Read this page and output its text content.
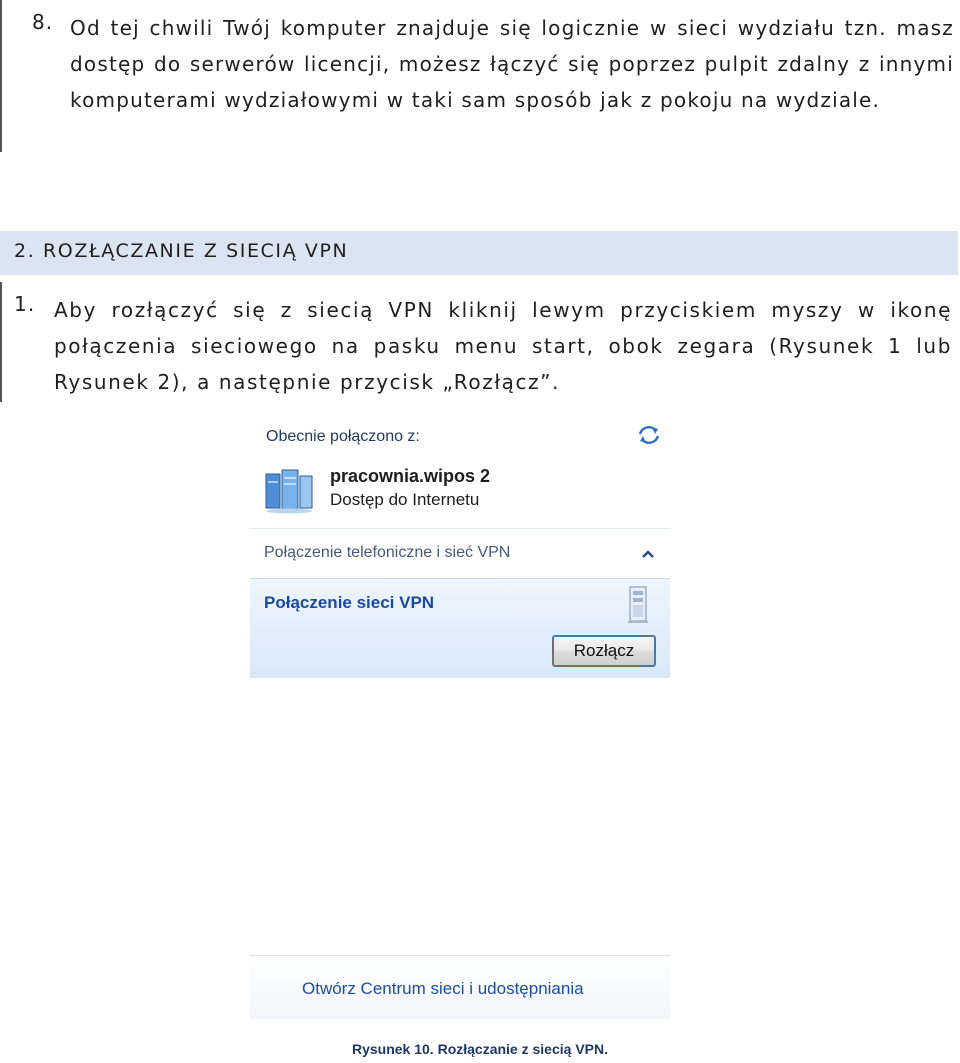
8. Od tej chwili Twój komputer znajduje się logicznie w sieci wydziału tzn. masz dostęp do serwerów licencji, możesz łączyć się poprzez pulpit zdalny z innymi komputerami wydziałowymi w taki sam sposób jak z pokoju na wydziale.
2. ROZŁĄCZANIE Z SIECIĄ VPN
1. Aby rozłączyć się z siecią VPN kliknij lewym przyciskiem myszy w ikonę połączenia sieciowego na pasku menu start, obok zegara (Rysunek 1 lub Rysunek 2), a następnie przycisk „Rozłącz”.
Obecnie połączono z:
pracownia.wipos 2
Dostęp do Internetu
Połączenie telefoniczne i sieć VPN
Połączenie sieci VPN
Rozłącz
Otwórz Centrum sieci i udostępniania
Rysunek 10. Rozłączanie z siecią VPN.
